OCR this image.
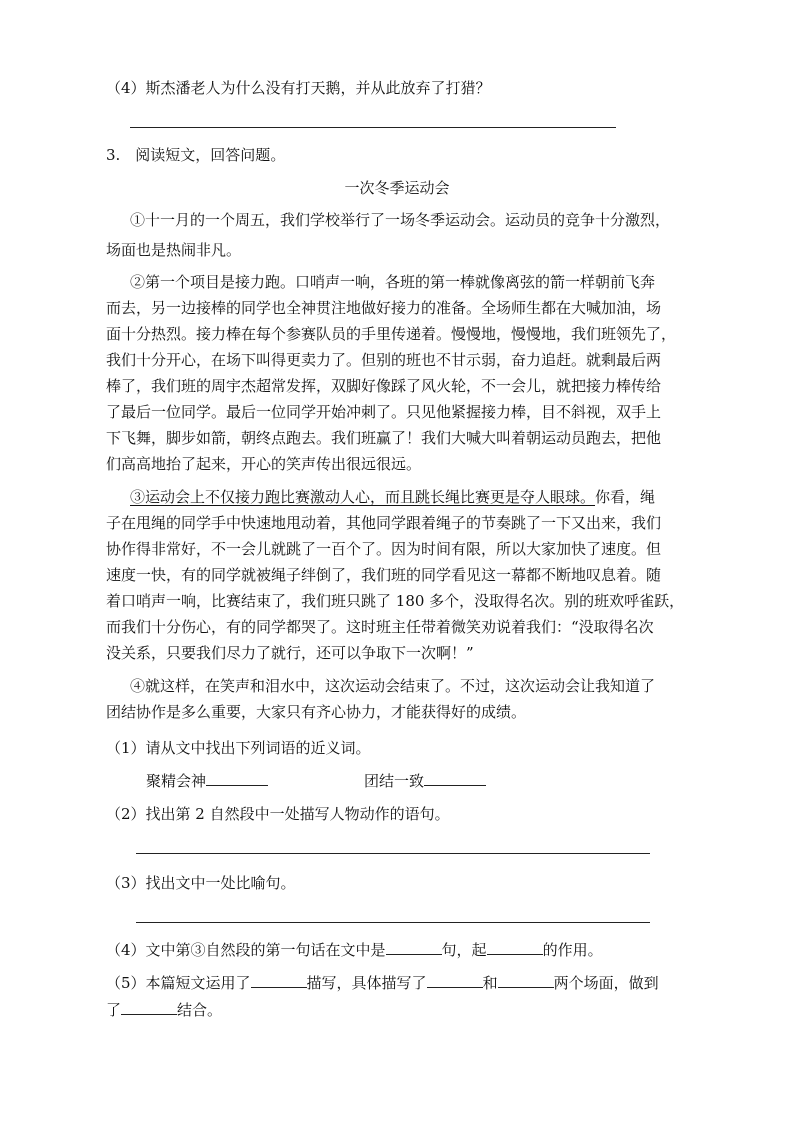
（4）斯杰潘老人为什么没有打天鹅，并从此放弃了打猎？
3.　阅读短文，回答问题。
一次冬季运动会
①十一月的一个周五，我们学校举行了一场冬季运动会。运动员的竞争十分激烈，
场面也是热闹非凡。
②第一个项目是接力跑。口哨声一响，各班的第一棒就像离弦的箭一样朝前飞奔
而去，另一边接棒的同学也全神贯注地做好接力的准备。全场师生都在大喊加油，场
面十分热烈。接力棒在每个参赛队员的手里传递着。慢慢地，慢慢地，我们班领先了，
我们十分开心，在场下叫得更卖力了。但别的班也不甘示弱，奋力追赶。就剩最后两
棒了，我们班的周宇杰超常发挥，双脚好像踩了风火轮，不一会儿，就把接力棒传给
了最后一位同学。最后一位同学开始冲刺了。只见他紧握接力棒，目不斜视，双手上
下飞舞，脚步如箭，朝终点跑去。我们班赢了！我们大喊大叫着朝运动员跑去，把他
们高高地抬了起来，开心的笑声传出很远很远。
③运动会上不仅接力跑比赛激动人心，而且跳长绳比赛更是夺人眼球。你看，绳
子在甩绳的同学手中快速地甩动着，其他同学跟着绳子的节奏跳了一下又出来，我们
协作得非常好，不一会儿就跳了一百个了。因为时间有限，所以大家加快了速度。但
速度一快，有的同学就被绳子绊倒了，我们班的同学看见这一幕都不断地叹息着。随
着口哨声一响，比赛结束了，我们班只跳了 180 多个，没取得名次。别的班欢呼雀跃，
而我们十分伤心，有的同学都哭了。这时班主任带着微笑劝说着我们：“没取得名次
没关系，只要我们尽力了就行，还可以争取下一次啊！”
④就这样，在笑声和泪水中，这次运动会结束了。不过，这次运动会让我知道了
团结协作是多么重要，大家只有齐心协力，才能获得好的成绩。
（1）请从文中找出下列词语的近义词。
聚精会神	团结一致
（2）找出第 2 自然段中一处描写人物动作的语句。
（3）找出文中一处比喻句。
（4）文中第③自然段的第一句话在文中是	句，起	的作用。
（5）本篇短文运用了	描写，具体描写了	和	两个场面，做到
了	结合。
